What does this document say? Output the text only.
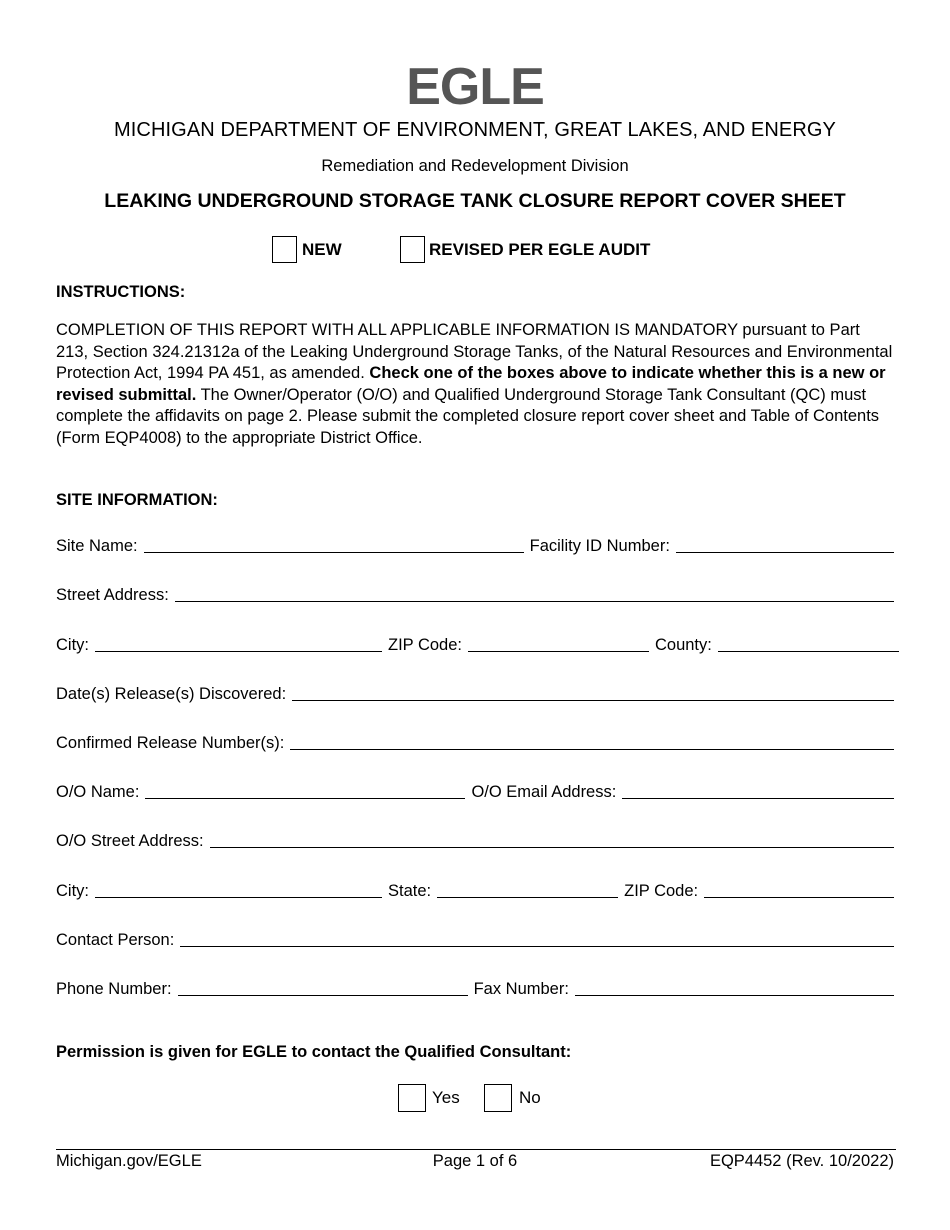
EGLE
MICHIGAN DEPARTMENT OF ENVIRONMENT, GREAT LAKES, AND ENERGY
Remediation and Redevelopment Division
LEAKING UNDERGROUND STORAGE TANK CLOSURE REPORT COVER SHEET
NEW	REVISED PER EGLE AUDIT
INSTRUCTIONS:
COMPLETION OF THIS REPORT WITH ALL APPLICABLE INFORMATION IS MANDATORY pursuant to Part 213, Section 324.21312a of the Leaking Underground Storage Tanks, of the Natural Resources and Environmental Protection Act, 1994 PA 451, as amended. Check one of the boxes above to indicate whether this is a new or revised submittal. The Owner/Operator (O/O) and Qualified Underground Storage Tank Consultant (QC) must complete the affidavits on page 2. Please submit the completed closure report cover sheet and Table of Contents (Form EQP4008) to the appropriate District Office.
SITE INFORMATION:
Site Name:	Facility ID Number:
Street Address:
City:	ZIP Code:	County:
Date(s) Release(s) Discovered:
Confirmed Release Number(s):
O/O Name:	O/O Email Address:
O/O Street Address:
City:	State:	ZIP Code:
Contact Person:
Phone Number:	Fax Number:
Permission is given for EGLE to contact the Qualified Consultant:
Yes	No
Michigan.gov/EGLE	Page 1 of 6	EQP4452 (Rev. 10/2022)
